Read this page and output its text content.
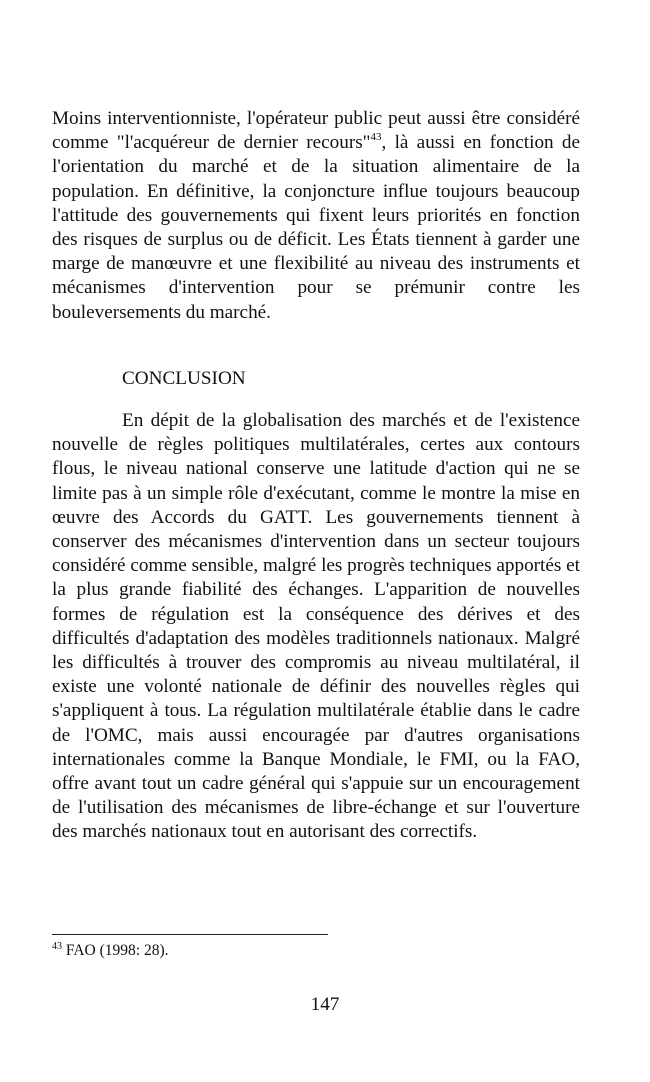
Moins interventionniste, l'opérateur public peut aussi être considéré comme "l'acquéreur de dernier recours"$^{43}$, là aussi en fonction de l'orientation du marché et de la situation alimentaire de la population. En définitive, la conjoncture influe toujours beaucoup l'attitude des gouvernements qui fixent leurs priorités en fonction des risques de surplus ou de déficit. Les États tiennent à garder une marge de manœuvre et une flexibilité au niveau des instruments et mécanismes d'intervention pour se prémunir contre les bouleversements du marché.

CONCLUSION

En dépit de la globalisation des marchés et de l'existence nouvelle de règles politiques multilatérales, certes aux contours flous, le niveau national conserve une latitude d'action qui ne se limite pas à un simple rôle d'exécutant, comme le montre la mise en œuvre des Accords du GATT. Les gouvernements tiennent à conserver des mécanismes d'intervention dans un secteur toujours considéré comme sensible, malgré les progrès techniques apportés et la plus grande fiabilité des échanges. L'apparition de nouvelles formes de régulation est la conséquence des dérives et des difficultés d'adaptation des modèles traditionnels nationaux. Malgré les difficultés à trouver des compromis au niveau multilatéral, il existe une volonté nationale de définir des nouvelles règles qui s'appliquent à tous. La régulation multilatérale établie dans le cadre de l'OMC, mais aussi encouragée par d'autres organisations internationales comme la Banque Mondiale, le FMI, ou la FAO, offre avant tout un cadre général qui s'appuie sur un encouragement de l'utilisation des mécanismes de libre-échange et sur l'ouverture des marchés nationaux tout en autorisant des correctifs.

$^{43}$ FAO (1998: 28).

147
